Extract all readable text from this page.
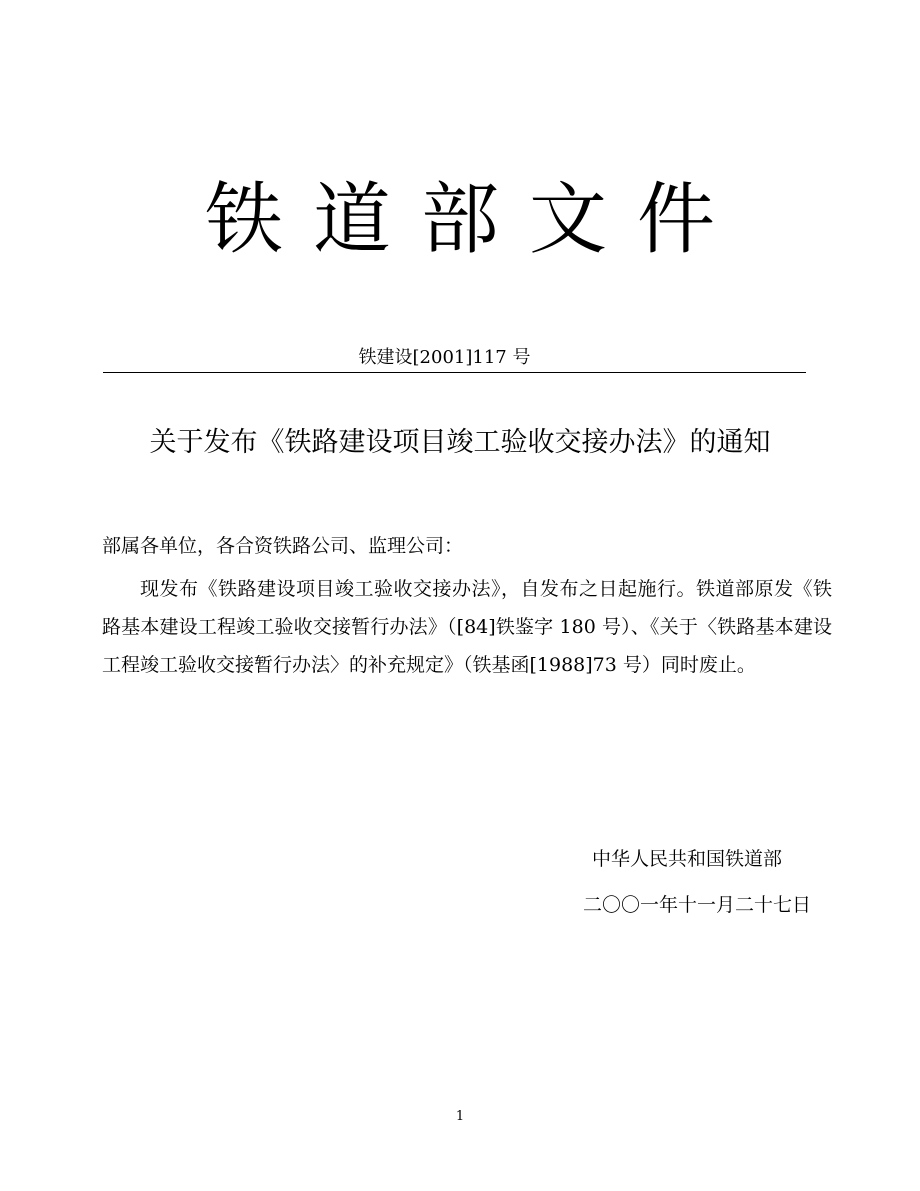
铁道部文件
铁建设[2001]117 号
关于发布《铁路建设项目竣工验收交接办法》的通知
部属各单位，各合资铁路公司、监理公司：
现发布《铁路建设项目竣工验收交接办法》，自发布之日起施行。铁道部原发《铁路基本建设工程竣工验收交接暂行办法》（[84]铁鉴字 180 号）、《关于〈铁路基本建设工程竣工验收交接暂行办法〉的补充规定》（铁基函[1988]73 号）同时废止。
中华人民共和国铁道部
二〇〇一年十一月二十七日
1
